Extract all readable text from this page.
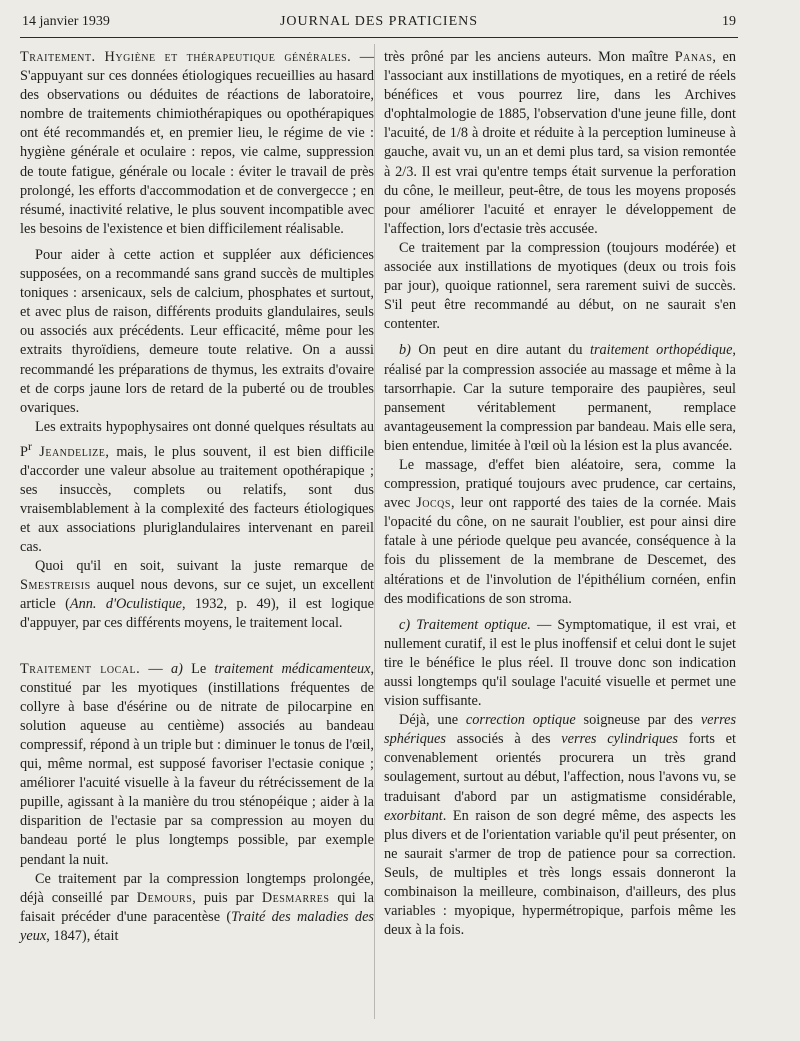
14 janvier 1939	JOURNAL DES PRATICIENS	19

Traitement. Hygiène et thérapeutique générales. — S'appuyant sur ces données étiologiques recueillies au hasard des observations ou déduites de réactions de laboratoire, nombre de traitements chimiothérapiques ou opothérapiques ont été recommandés et, en premier lieu, le régime de vie : hygiène générale et oculaire : repos, vie calme, suppression de toute fatigue, générale ou locale : éviter le travail de près prolongé, les efforts d'accommodation et de convergecce ; en résumé, inactivité relative, le plus souvent incompatible avec les besoins de l'existence et bien difficilement réalisable.

Pour aider à cette action et suppléer aux déficiences supposées, on a recommandé sans grand succès de multiples toniques : arsenicaux, sels de calcium, phosphates et surtout, et avec plus de raison, différents produits glandulaires, seuls ou associés aux précédents. Leur efficacité, même pour les extraits thyroïdiens, demeure toute relative. On a aussi recommandé les préparations de thymus, les extraits d'ovaire et de corps jaune lors de retard de la puberté ou de troubles ovariques.

Les extraits hypophysaires ont donné quelques résultats au $P^r$ Jeandelize, mais, le plus souvent, il est bien difficile d'accorder une valeur absolue au traitement opothérapique ; ses insuccès, complets ou relatifs, sont dus vraisemblablement à la complexité des facteurs étiologiques et aux associations pluriglandulaires intervenant en pareil cas.

Quoi qu'il en soit, suivant la juste remarque de Smestreisis auquel nous devons, sur ce sujet, un excellent article (Ann. d'Oculistique, 1932, p. 49), il est logique d'appuyer, par ces différents moyens, le traitement local.

Traitement local. — a) Le traitement médicamenteux, constitué par les myotiques (instillations fréquentes de collyre à base d'ésérine ou de nitrate de pilocarpine en solution aqueuse au centième) associés au bandeau compressif, répond à un triple but : diminuer le tonus de l'œil, qui, même normal, est supposé favoriser l'ectasie conique ; améliorer l'acuité visuelle à la faveur du rétrécissement de la pupille, agissant à la manière du trou sténopéique ; aider à la disparition de l'ectasie par sa compression au moyen du bandeau porté le plus longtemps possible, par exemple pendant la nuit.

Ce traitement par la compression longtemps prolongée, déjà conseillé par Demours, puis par Desmarres qui la faisait précéder d'une paracentèse (Traité des maladies des yeux, 1847), était

très prôné par les anciens auteurs. Mon maître Panas, en l'associant aux instillations de myotiques, en a retiré de réels bénéfices et vous pourrez lire, dans les Archives d'ophtalmologie de 1885, l'observation d'une jeune fille, dont l'acuité, de 1/8 à droite et réduite à la perception lumineuse à gauche, avait vu, un an et demi plus tard, sa vision remontée à 2/3. Il est vrai qu'entre temps était survenue la perforation du cône, le meilleur, peut-être, de tous les moyens proposés pour améliorer l'acuité et enrayer le développement de l'affection, lors d'ectasie très accusée.

Ce traitement par la compression (toujours modérée) et associée aux instillations de myotiques (deux ou trois fois par jour), quoique rationnel, sera rarement suivi de succès. S'il peut être recommandé au début, on ne saurait s'en contenter.

b) On peut en dire autant du traitement orthopédique, réalisé par la compression associée au massage et même à la tarsorrhapie. Car la suture temporaire des paupières, seul pansement véritablement permanent, remplace avantageusement la compression par bandeau. Mais elle sera, bien entendue, limitée à l'œil où la lésion est la plus avancée.

Le massage, d'effet bien aléatoire, sera, comme la compression, pratiqué toujours avec prudence, car certains, avec Jocqs, leur ont rapporté des taies de la cornée. Mais l'opacité du cône, on ne saurait l'oublier, est pour ainsi dire fatale à une période quelque peu avancée, conséquence à la fois du plissement de la membrane de Descemet, des altérations et de l'involution de l'épithélium cornéen, enfin des modifications de son stroma.

c) Traitement optique. — Symptomatique, il est vrai, et nullement curatif, il est le plus inoffensif et celui dont le sujet tire le bénéfice le plus réel. Il trouve donc son indication aussi longtemps qu'il soulage l'acuité visuelle et permet une vision suffisante.

Déjà, une correction optique soigneuse par des verres sphériques associés à des verres cylindriques forts et convenablement orientés procurera un très grand soulagement, surtout au début, l'affection, nous l'avons vu, se traduisant d'abord par un astigmatisme considérable, exorbitant. En raison de son degré même, des aspects les plus divers et de l'orientation variable qu'il peut présenter, on ne saurait s'armer de trop de patience pour sa correction. Seuls, de multiples et très longs essais donneront la combinaison la meilleure, combinaison, d'ailleurs, des plus variables : myopique, hypermétropique, parfois même les deux à la fois.
